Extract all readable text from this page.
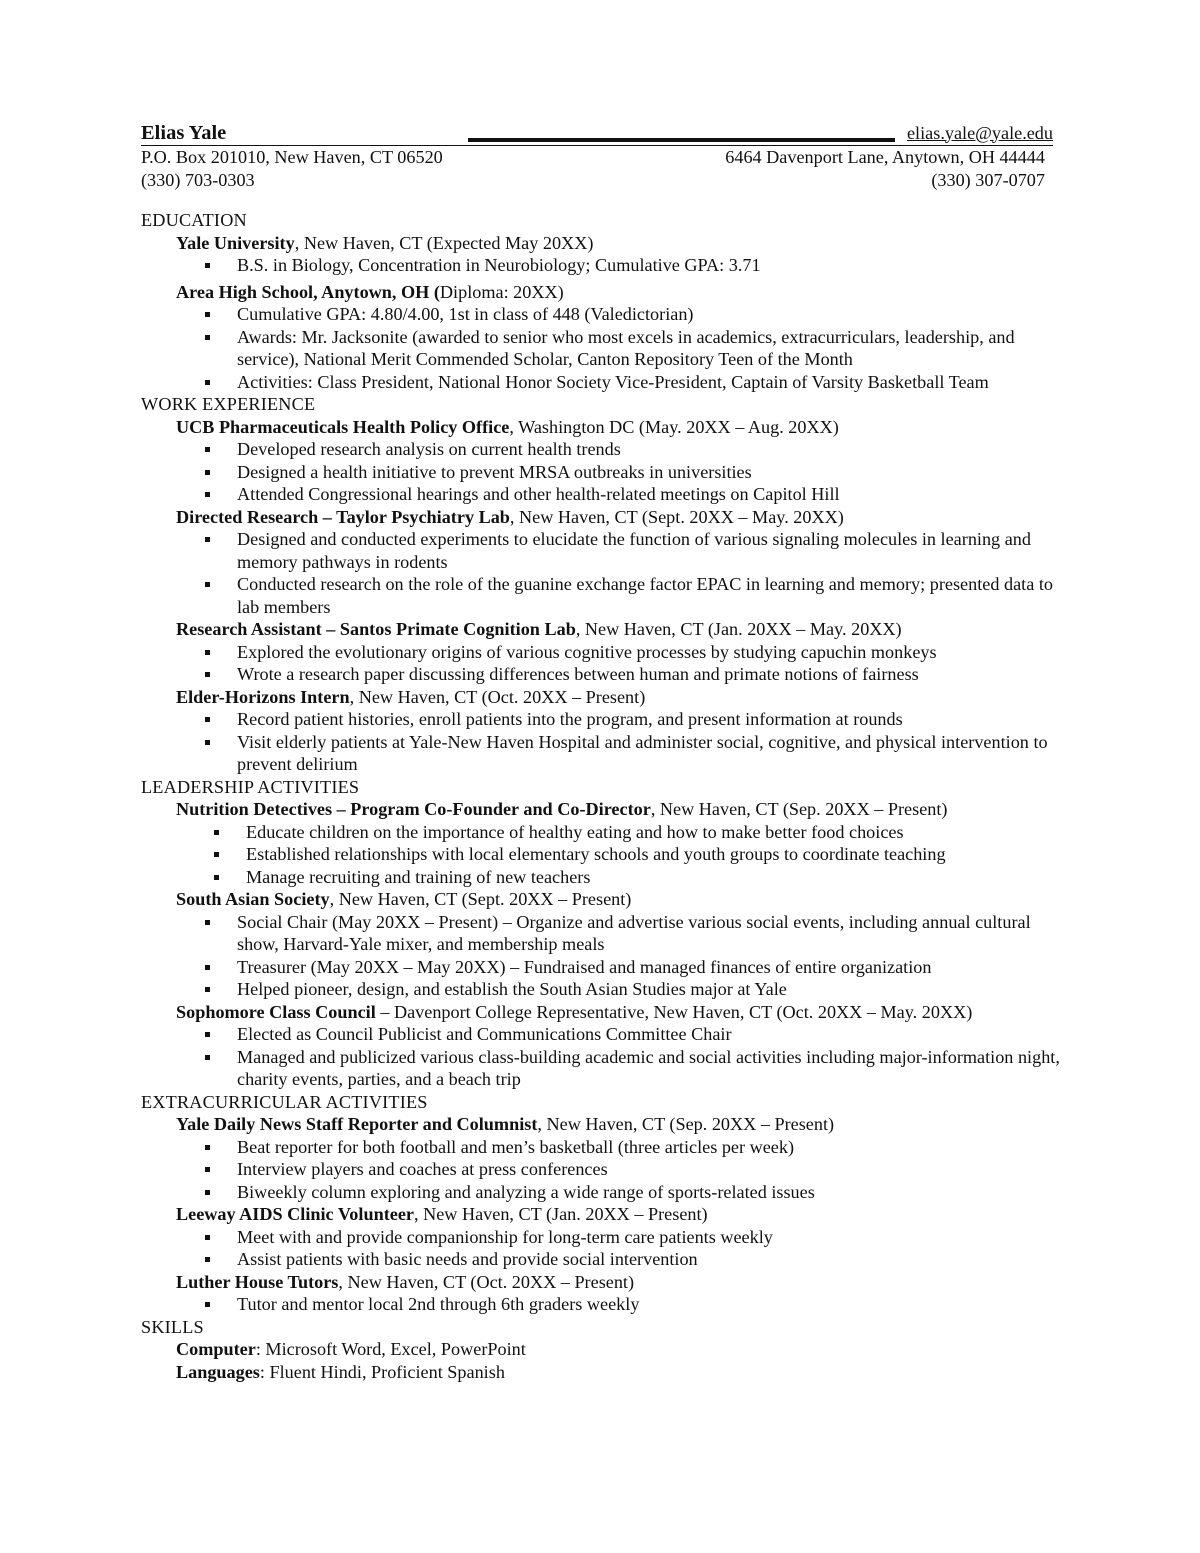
Elias Yale	elias.yale@yale.edu
P.O. Box 201010, New Haven, CT 06520	6464 Davenport Lane, Anytown, OH 44444
(330) 703-0303	(330) 307-0707
EDUCATION
Yale University, New Haven, CT (Expected May 20XX)
B.S. in Biology, Concentration in Neurobiology; Cumulative GPA: 3.71
Area High School, Anytown, OH (Diploma: 20XX)
Cumulative GPA: 4.80/4.00, 1st in class of 448 (Valedictorian)
Awards: Mr. Jacksonite (awarded to senior who most excels in academics, extracurriculars, leadership, and service), National Merit Commended Scholar, Canton Repository Teen of the Month
Activities: Class President, National Honor Society Vice-President, Captain of Varsity Basketball Team
WORK EXPERIENCE
UCB Pharmaceuticals Health Policy Office, Washington DC (May. 20XX – Aug. 20XX)
Developed research analysis on current health trends
Designed a health initiative to prevent MRSA outbreaks in universities
Attended Congressional hearings and other health-related meetings on Capitol Hill
Directed Research – Taylor Psychiatry Lab, New Haven, CT (Sept. 20XX – May. 20XX)
Designed and conducted experiments to elucidate the function of various signaling molecules in learning and memory pathways in rodents
Conducted research on the role of the guanine exchange factor EPAC in learning and memory; presented data to lab members
Research Assistant – Santos Primate Cognition Lab, New Haven, CT (Jan. 20XX – May. 20XX)
Explored the evolutionary origins of various cognitive processes by studying capuchin monkeys
Wrote a research paper discussing differences between human and primate notions of fairness
Elder-Horizons Intern, New Haven, CT (Oct. 20XX – Present)
Record patient histories, enroll patients into the program, and present information at rounds
Visit elderly patients at Yale-New Haven Hospital and administer social, cognitive, and physical intervention to prevent delirium
LEADERSHIP ACTIVITIES
Nutrition Detectives – Program Co-Founder and Co-Director, New Haven, CT (Sep. 20XX – Present)
Educate children on the importance of healthy eating and how to make better food choices
Established relationships with local elementary schools and youth groups to coordinate teaching
Manage recruiting and training of new teachers
South Asian Society, New Haven, CT (Sept. 20XX – Present)
Social Chair (May 20XX – Present) – Organize and advertise various social events, including annual cultural show, Harvard-Yale mixer, and membership meals
Treasurer (May 20XX – May 20XX) – Fundraised and managed finances of entire organization
Helped pioneer, design, and establish the South Asian Studies major at Yale
Sophomore Class Council – Davenport College Representative, New Haven, CT (Oct. 20XX – May. 20XX)
Elected as Council Publicist and Communications Committee Chair
Managed and publicized various class-building academic and social activities including major-information night, charity events, parties, and a beach trip
EXTRACURRICULAR ACTIVITIES
Yale Daily News Staff Reporter and Columnist, New Haven, CT (Sep. 20XX – Present)
Beat reporter for both football and men’s basketball (three articles per week)
Interview players and coaches at press conferences
Biweekly column exploring and analyzing a wide range of sports-related issues
Leeway AIDS Clinic Volunteer, New Haven, CT (Jan. 20XX – Present)
Meet with and provide companionship for long-term care patients weekly
Assist patients with basic needs and provide social intervention
Luther House Tutors, New Haven, CT (Oct. 20XX – Present)
Tutor and mentor local 2nd through 6th graders weekly
SKILLS
Computer: Microsoft Word, Excel, PowerPoint
Languages: Fluent Hindi, Proficient Spanish
